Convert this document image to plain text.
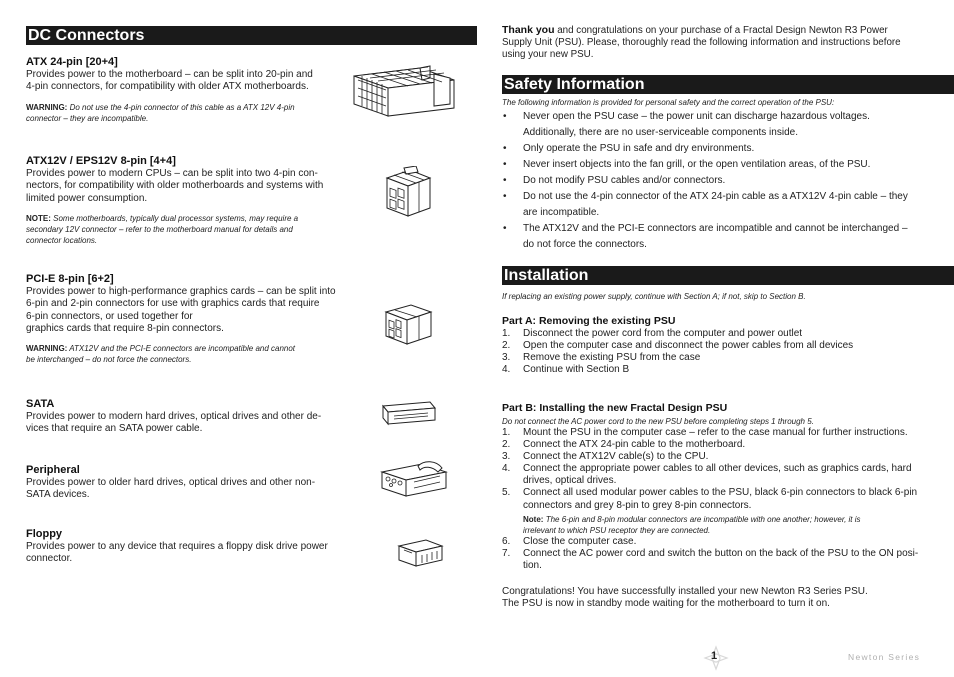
DC Connectors
ATX 24-pin [20+4]
Provides power to the motherboard – can be split into 20-pin and
4-pin connectors, for compatibility with older ATX motherboards.
WARNING: Do not use the 4-pin connector of this cable as a ATX 12V 4-pin
connector – they are incompatible.
ATX12V / EPS12V 8-pin [4+4]
Provides power to modern CPUs – can be split into two 4-pin con-
nectors, for compatibility with older motherboards and systems with
limited power consumption.
NOTE: Some motherboards, typically dual processor systems, may require a
secondary 12V connector – refer to the motherboard manual for details and
connector locations.
PCI-E 8-pin [6+2]
Provides power to high-performance graphics cards – can be split into
6-pin and 2-pin connectors for use with graphics cards that require
6-pin connectors, or used together for
graphics cards that require 8-pin connectors.
WARNING: ATX12V and the PCI-E connectors are incompatible and cannot
be interchanged – do not force the connectors.
SATA
Provides power to modern hard drives, optical drives and other de-
vices that require an SATA power cable.
Peripheral
Provides power to older hard drives, optical drives and other non-
SATA devices.
Floppy
Provides power to any device that requires a floppy disk drive power
connector.
Thank you and congratulations on your purchase of a Fractal Design Newton R3 Power
Supply Unit (PSU). Please, thoroughly read the following information and instructions before
using your new PSU.
Safety Information
The following information is provided for personal safety and the correct operation of the PSU:
• Never open the PSU case – the power unit can discharge hazardous voltages.
Additionally, there are no user-serviceable components inside.
• Only operate the PSU in safe and dry environments.
• Never insert objects into the fan grill, or the open ventilation areas, of the PSU.
• Do not modify PSU cables and/or connectors.
• Do not use the 4-pin connector of the ATX 24-pin cable as a ATX12V 4-pin cable – they
are incompatible.
• The ATX12V and the PCI-E connectors are incompatible and cannot be interchanged –
do not force the connectors.
Installation
If replacing an existing power supply, continue with Section A; if not, skip to Section B.
Part A: Removing the existing PSU
1. Disconnect the power cord from the computer and power outlet
2. Open the computer case and disconnect the power cables from all devices
3. Remove the existing PSU from the case
4. Continue with Section B
Part B: Installing the new Fractal Design PSU
Do not connect the AC power cord to the new PSU before completing steps 1 through 5.
1. Mount the PSU in the computer case – refer to the case manual for further instructions.
2. Connect the ATX 24-pin cable to the motherboard.
3. Connect the ATX12V cable(s) to the CPU.
4. Connect the appropriate power cables to all other devices, such as graphics cards, hard
drives, optical drives.
5. Connect all used modular power cables to the PSU, black 6-pin connectors to black 6-pin
connectors and grey 8-pin to grey 8-pin connectors.
Note: The 6-pin and 8-pin modular connectors are incompatible with one another; however, it is
irrelevant to which PSU receptor they are connected.
6. Close the computer case.
7. Connect the AC power cord and switch the button on the back of the PSU to the ON posi-
tion.
Congratulations! You have successfully installed your new Newton R3 Series PSU.
The PSU is now in standby mode waiting for the motherboard to turn it on.
1	Newton Series
